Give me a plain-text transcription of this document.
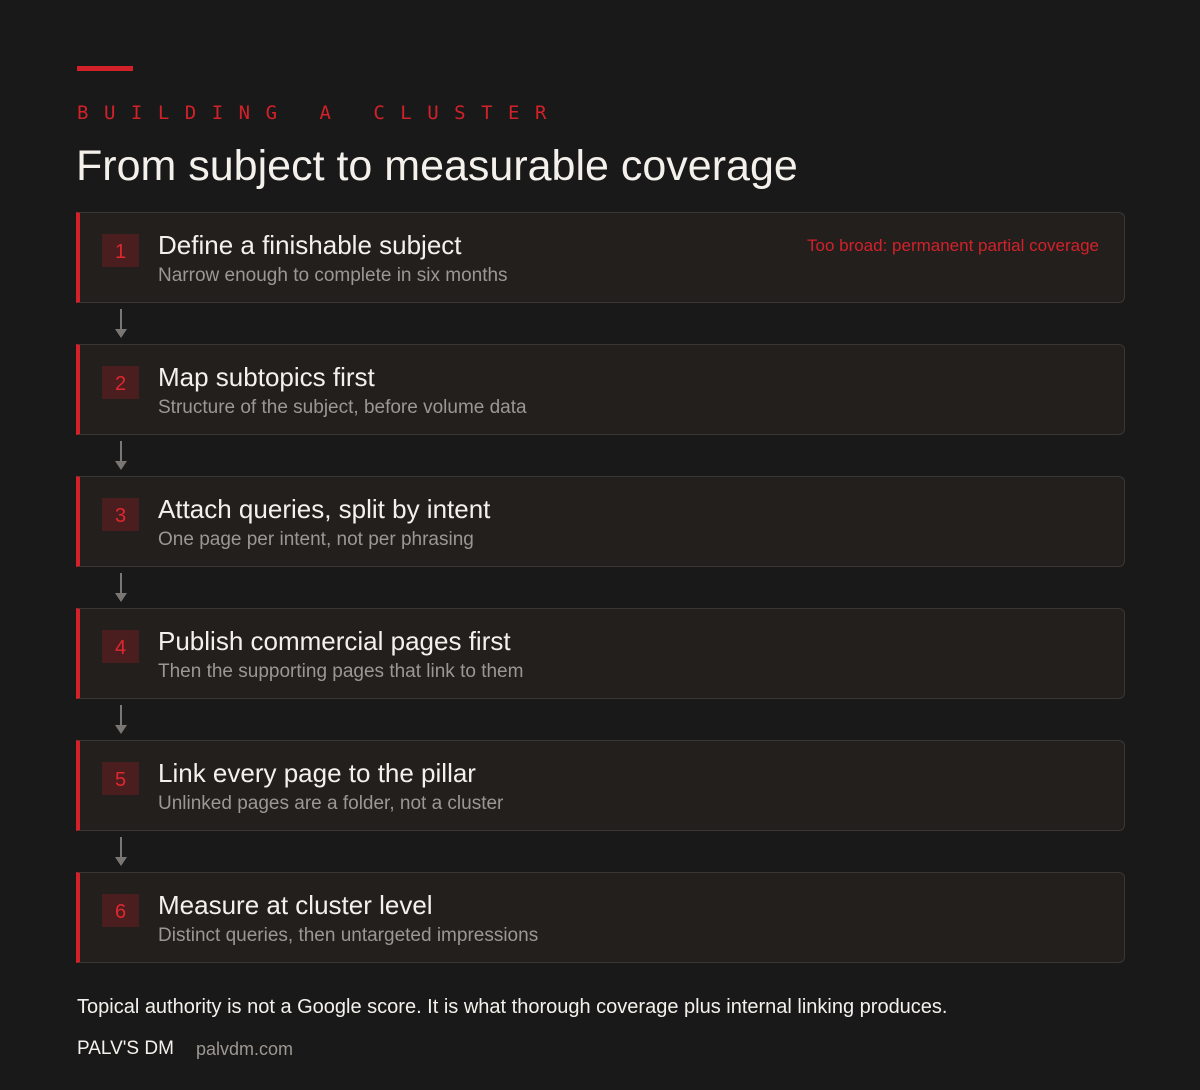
BUILDING A CLUSTER
From subject to measurable coverage
1	Define a finishable subject
Narrow enough to complete in six months
Too broad: permanent partial coverage
2	Map subtopics first
Structure of the subject, before volume data
3	Attach queries, split by intent
One page per intent, not per phrasing
4	Publish commercial pages first
Then the supporting pages that link to them
5	Link every page to the pillar
Unlinked pages are a folder, not a cluster
6	Measure at cluster level
Distinct queries, then untargeted impressions

Topical authority is not a Google score. It is what thorough coverage plus internal linking produces.

PALV'S DM palvdm.com
